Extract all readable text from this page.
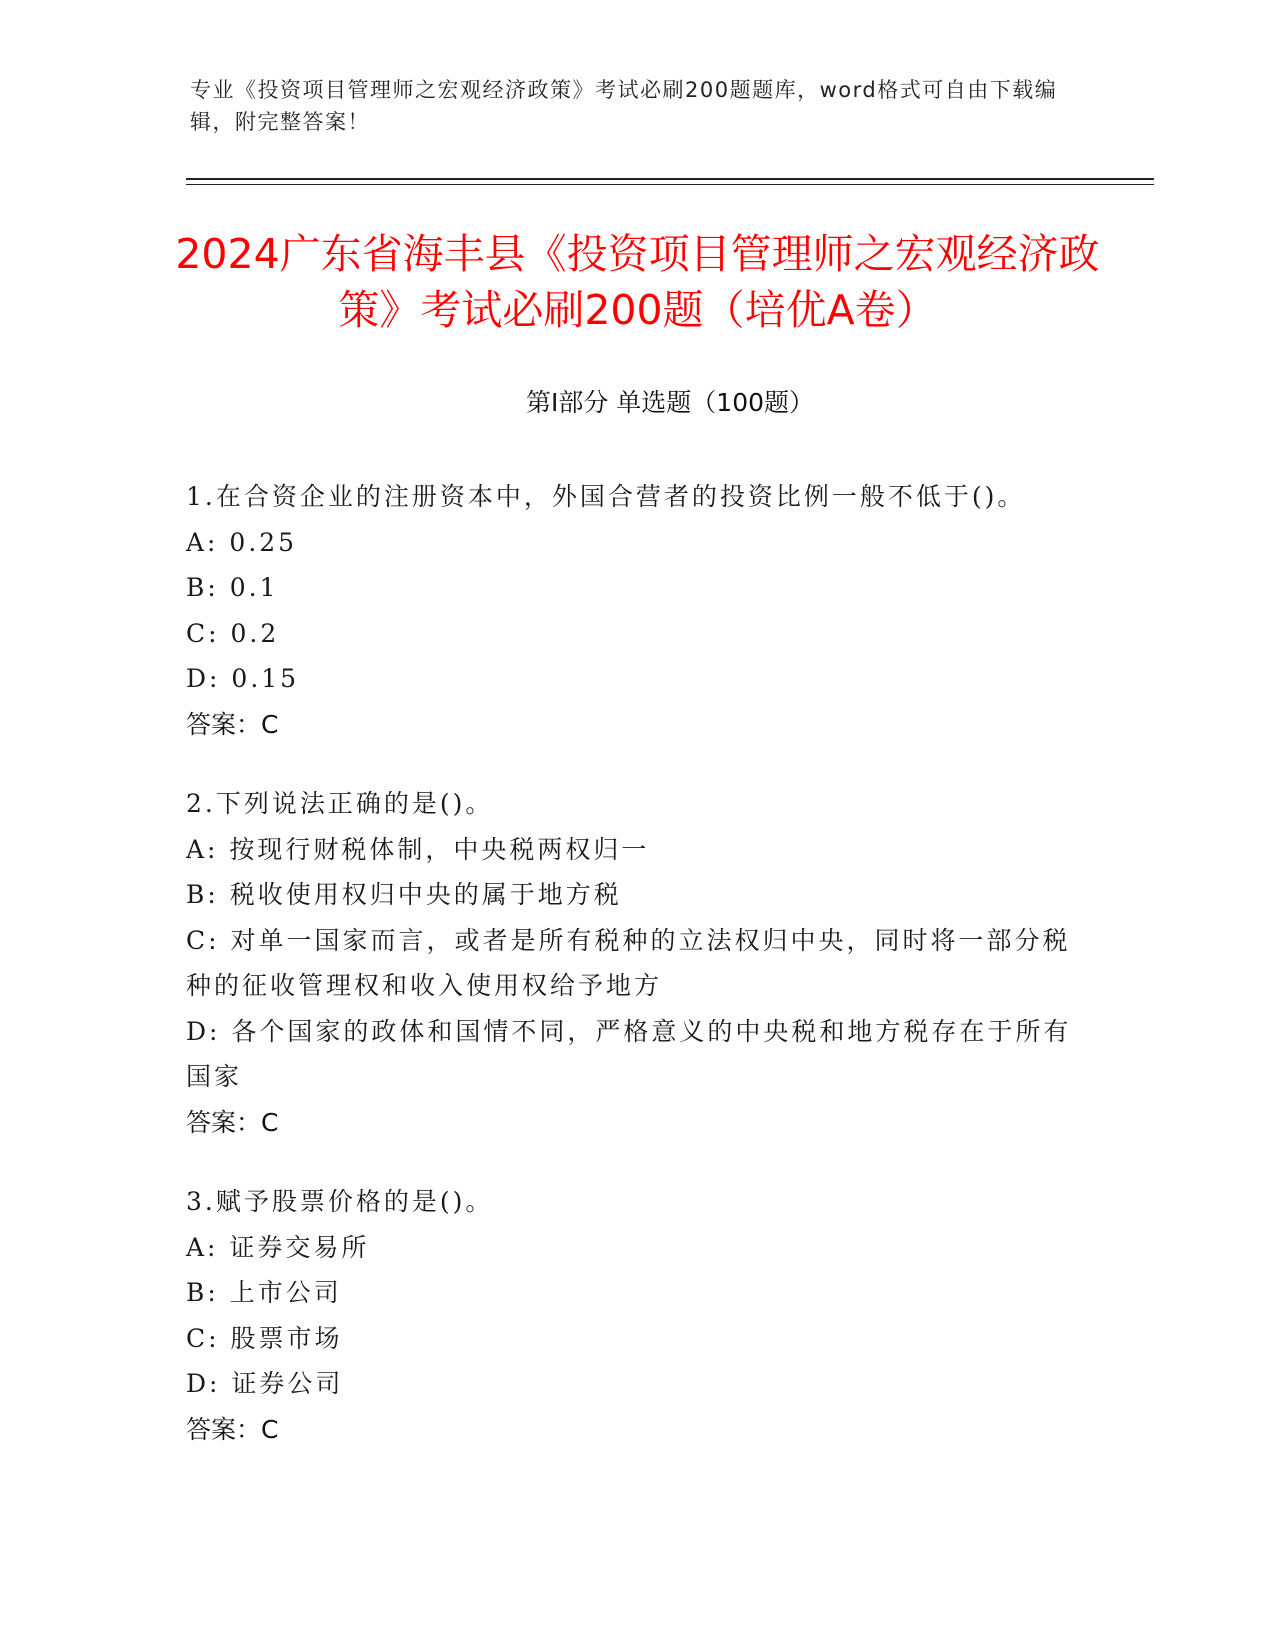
专业《投资项目管理师之宏观经济政策》考试必刷200题题库，word格式可自由下载编辑，附完整答案！
2024广东省海丰县《投资项目管理师之宏观经济政策》考试必刷200题（培优A卷）
第I部分 单选题（100题）
1.在合资企业的注册资本中，外国合营者的投资比例一般不低于()。
A: 0.25
B: 0.1
C: 0.2
D: 0.15
答案：C
2.下列说法正确的是()。
A: 按现行财税体制，中央税两权归一
B: 税收使用权归中央的属于地方税
C: 对单一国家而言，或者是所有税种的立法权归中央，同时将一部分税种的征收管理权和收入使用权给予地方
D: 各个国家的政体和国情不同，严格意义的中央税和地方税存在于所有国家
答案：C
3.赋予股票价格的是()。
A: 证券交易所
B: 上市公司
C: 股票市场
D: 证券公司
答案：C
